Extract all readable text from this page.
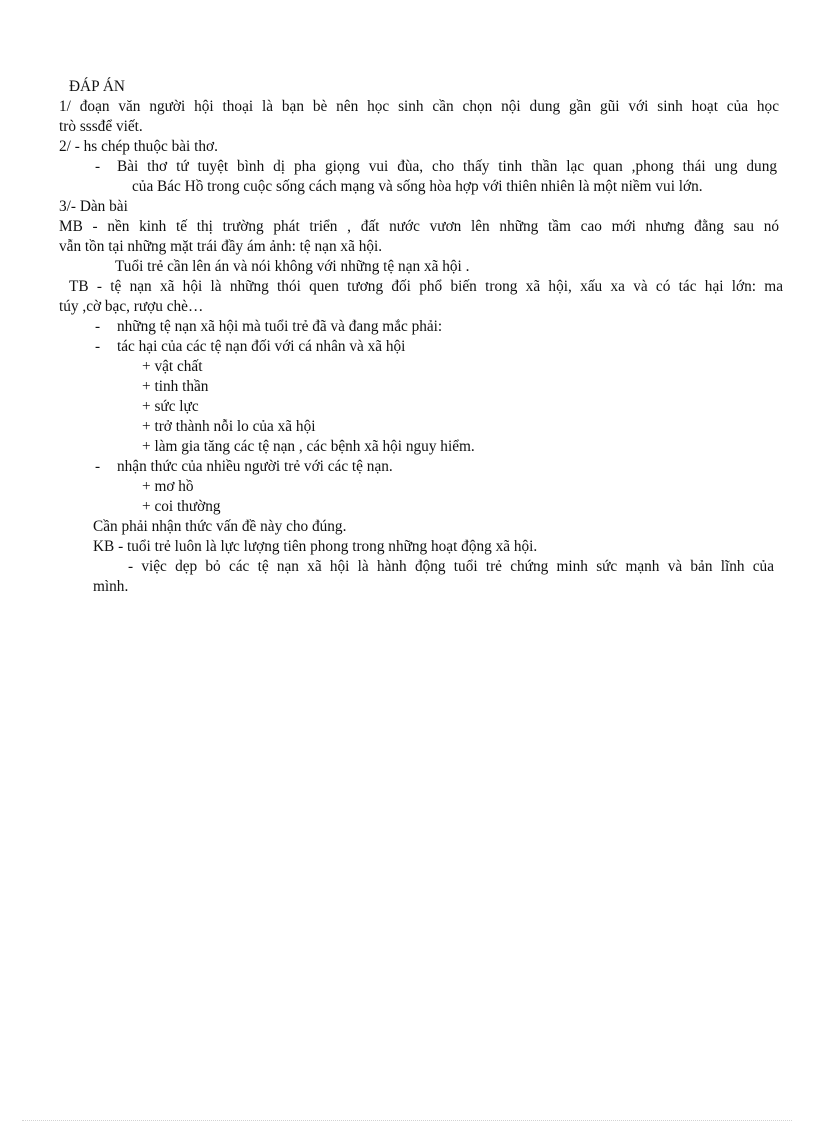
ĐÁP ÁN
1/ đoạn văn người hội thoại là bạn bè nên học sinh cần chọn nội dung gần gũi với sinh hoạt của học
trò sssđể viết.
2/ - hs chép thuộc bài thơ.
- Bài thơ tứ tuyệt bình dị pha giọng vui đùa, cho thấy tinh thần lạc quan ,phong thái ung dung
của Bác Hồ trong cuộc sống cách mạng và sống hòa hợp với thiên nhiên là một niềm vui lớn.
3/- Dàn bài
MB - nền kinh tế thị trường phát triển , đất nước vươn lên những tầm cao mới nhưng đằng sau nó
vẫn tồn tại những mặt trái đầy ám ảnh: tệ nạn xã hội.
Tuổi trẻ cần lên án và nói không với những tệ nạn xã hội .
TB - tệ nạn xã hội là những thói quen tương đối phổ biến trong xã hội, xấu xa và có tác hại lớn: ma
túy ,cờ bạc, rượu chè…
- những tệ nạn xã hội mà tuổi trẻ đã và đang mắc phải:
- tác hại của các tệ nạn đối với cá nhân và xã hội
+ vật chất
+ tinh thần
+ sức lực
+ trở thành nỗi lo của xã hội
+ làm gia tăng các tệ nạn , các bệnh xã hội nguy hiểm.
- nhận thức của nhiều người trẻ với các tệ nạn.
+ mơ hồ
+ coi thường
Cần phải nhận thức vấn đề này cho đúng.
KB - tuổi trẻ luôn là lực lượng tiên phong trong những hoạt động xã hội.
- việc dẹp bỏ các tệ nạn xã hội là hành động tuổi trẻ chứng minh sức mạnh và bản lĩnh của
mình.
